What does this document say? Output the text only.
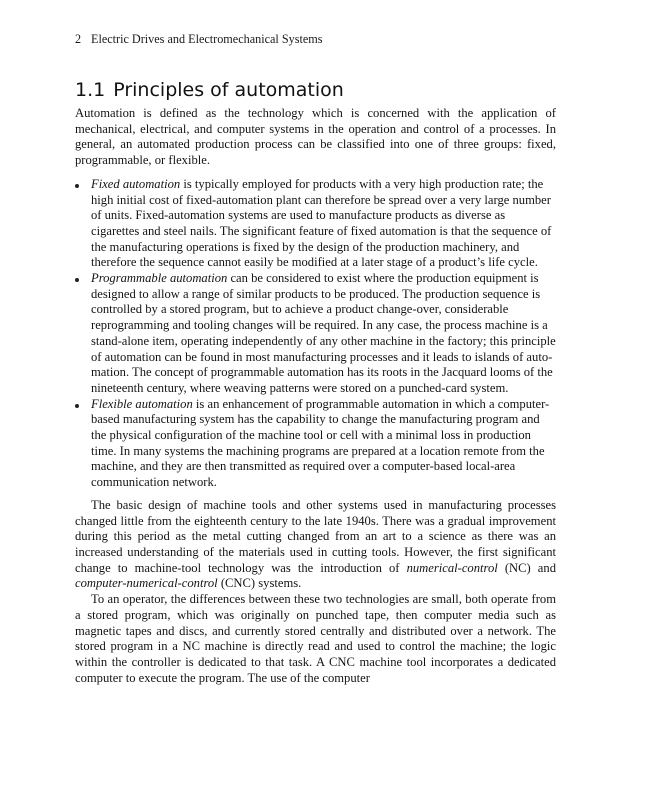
2 Electric Drives and Electromechanical Systems
1.1 Principles of automation

Automation is defined as the technology which is concerned with the application of mechanical, electrical, and computer systems in the operation and control of a processes. In general, an automated production process can be classified into one of three groups: fixed, programmable, or flexible.

Fixed automation is typically employed for products with a very high production rate; the high initial cost of fixed-automation plant can therefore be spread over a very large number of units. Fixed-automation systems are used to manufacture products as diverse as cigarettes and steel nails. The significant feature of fixed automation is that the sequence of the manufacturing operations is fixed by the design of the production machinery, and therefore the sequence cannot easily be modified at a later stage of a product’s life cycle.
Programmable automation can be considered to exist where the production equipment is designed to allow a range of similar products to be produced. The production sequence is controlled by a stored program, but to achieve a product change-over, considerable reprogramming and tooling changes will be required. In any case, the process machine is a stand-alone item, operating independently of any other machine in the factory; this principle of automation can be found in most manufacturing processes and it leads to islands of automation. The concept of programmable automation has its roots in the Jacquard looms of the nineteenth century, where weaving patterns were stored on a punched-card system.
Flexible automation is an enhancement of programmable automation in which a computer-based manufacturing system has the capability to change the manufacturing program and the physical configuration of the machine tool or cell with a minimal loss in production time. In many systems the machining programs are prepared at a location remote from the machine, and they are then transmitted as required over a computer-based local-area communication network.

The basic design of machine tools and other systems used in manufacturing processes changed little from the eighteenth century to the late 1940s. There was a gradual improvement during this period as the metal cutting changed from an art to a science as there was an increased understanding of the materials used in cutting tools. However, the first significant change to machine-tool technology was the introduction of numerical-control (NC) and computer-numerical-control (CNC) systems.

To an operator, the differences between these two technologies are small, both operate from a stored program, which was originally on punched tape, then computer media such as magnetic tapes and discs, and currently stored centrally and distributed over a network. The stored program in a NC machine is directly read and used to control the machine; the logic within the controller is dedicated to that task. A CNC machine tool incorporates a dedicated computer to execute the program. The use of the computer
